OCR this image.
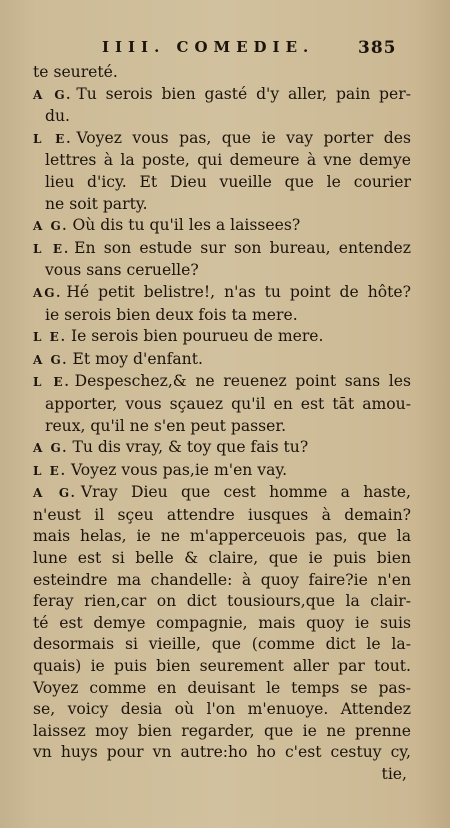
IIII. COMEDIE.	385
te seureté.
A G. Tu serois bien gasté d'y aller, pain per-
du.
L E. Voyez vous pas, que ie vay porter des
lettres à la poste, qui demeure à vne demye
lieu d'icy. Et Dieu vueille que le courier
ne soit party.
A G. Où dis tu qu'il les a laissees?
L E. En son estude sur son bureau, entendez
vous sans ceruelle?
AG. Hé petit belistre!, n'as tu point de hôte?
ie serois bien deux fois ta mere.
L E. Ie serois bien pourueu de mere.
A G. Et moy d'enfant.
L E. Despeschez,& ne reuenez point sans les
apporter, vous sçauez qu'il en est tāt amou-
reux, qu'il ne s'en peut passer.
A G. Tu dis vray, & toy que fais tu?
L E. Voyez vous pas,ie m'en vay.
A G. Vray Dieu que cest homme a haste,
n'eust il sçeu attendre iusques à demain?
mais helas, ie ne m'apperceuois pas, que la
lune est si belle & claire, que ie puis bien
esteindre ma chandelle: à quoy faire?ie n'en
feray rien,car on dict tousiours,que la clair-
té est demye compagnie, mais quoy ie suis
desormais si vieille, que (comme dict le la-
quais) ie puis bien seurement aller par tout.
Voyez comme en deuisant le temps se pas-
se, voicy desia où l'on m'enuoye. Attendez
laissez moy bien regarder, que ie ne prenne
vn huys pour vn autre:ho ho c'est cestuy cy,
tie,
